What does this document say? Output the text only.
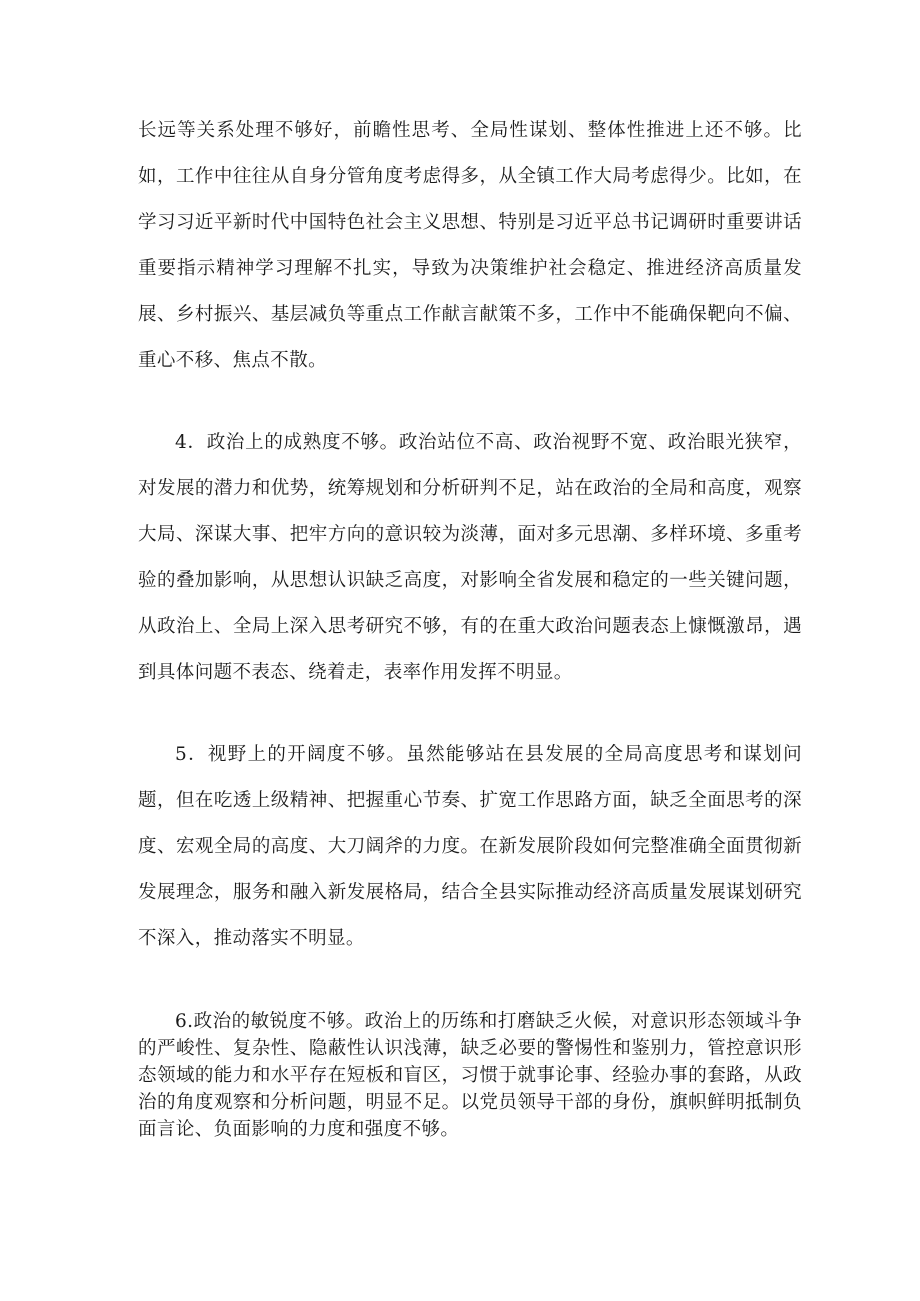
长远等关系处理不够好，前瞻性思考、全局性谋划、整体性推进上还不够。比如，工作中往往从自身分管角度考虑得多，从全镇工作大局考虑得少。比如，在学习习近平新时代中国特色社会主义思想、特别是习近平总书记调研时重要讲话重要指示精神学习理解不扎实，导致为决策维护社会稳定、推进经济高质量发展、乡村振兴、基层减负等重点工作献言献策不多，工作中不能确保靶向不偏、重心不移、焦点不散。

4．政治上的成熟度不够。政治站位不高、政治视野不宽、政治眼光狭窄，对发展的潜力和优势，统筹规划和分析研判不足，站在政治的全局和高度，观察大局、深谋大事、把牢方向的意识较为淡薄，面对多元思潮、多样环境、多重考验的叠加影响，从思想认识缺乏高度，对影响全省发展和稳定的一些关键问题，从政治上、全局上深入思考研究不够，有的在重大政治问题表态上慷慨激昂，遇到具体问题不表态、绕着走，表率作用发挥不明显。

5．视野上的开阔度不够。虽然能够站在县发展的全局高度思考和谋划问题，但在吃透上级精神、把握重心节奏、扩宽工作思路方面，缺乏全面思考的深度、宏观全局的高度、大刀阔斧的力度。在新发展阶段如何完整准确全面贯彻新发展理念，服务和融入新发展格局，结合全县实际推动经济高质量发展谋划研究不深入，推动落实不明显。

6.政治的敏锐度不够。政治上的历练和打磨缺乏火候，对意识形态领域斗争的严峻性、复杂性、隐蔽性认识浅薄，缺乏必要的警惕性和鉴别力，管控意识形态领域的能力和水平存在短板和盲区，习惯于就事论事、经验办事的套路，从政治的角度观察和分析问题，明显不足。以党员领导干部的身份，旗帜鲜明抵制负面言论、负面影响的力度和强度不够。
